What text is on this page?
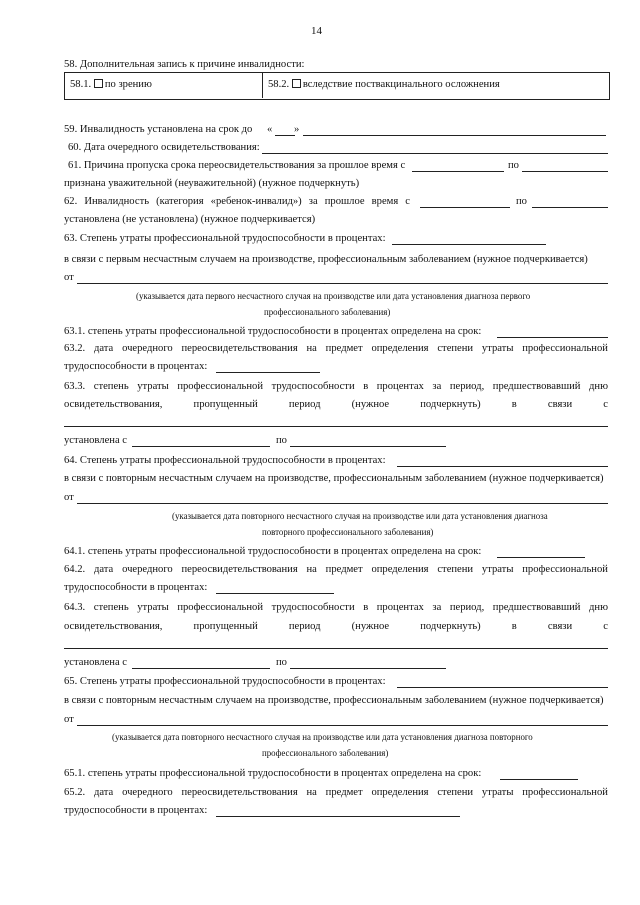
14
58. Дополнительная запись к причине инвалидности:
58.1. по зрению	58.2. вследствие поствакцинального осложнения
59. Инвалидность установлена на срок до « »
60. Дата очередного освидетельствования:
61. Причина пропуска срока переосвидетельствования за прошлое время с	по
признана уважительной (неуважительной) (нужное подчеркнуть)
62. Инвалидность (категория «ребенок-инвалид») за прошлое время с	по
установлена (не установлена) (нужное подчеркивается)
63. Степень утраты профессиональной трудоспособности в процентах:
в связи с первым несчастным случаем на производстве, профессиональным заболеванием (нужное подчеркивается)
от
(указывается дата первого несчастного случая на производстве или дата установления диагноза первого
профессионального заболевания)
63.1. степень утраты профессиональной трудоспособности в процентах определена на срок:
63.2. дата очередного переосвидетельствования на предмет определения степени утраты профессиональной
трудоспособности в процентах:
63.3. степень утраты профессиональной трудоспособности в процентах за период, предшествовавший дню
освидетельствования,	пропущенный	период	(нужное	подчеркнуть)	в	связи	с
установлена с	по
64. Степень утраты профессиональной трудоспособности в процентах:
в связи с повторным несчастным случаем на производстве, профессиональным заболеванием (нужное подчеркивается)
от
(указывается дата повторного несчастного случая на производстве или дата установления диагноза
повторного профессионального заболевания)
64.1. степень утраты профессиональной трудоспособности в процентах определена на срок:
64.2. дата очередного переосвидетельствования на предмет определения степени утраты профессиональной
трудоспособности в процентах:
64.3. степень утраты профессиональной трудоспособности в процентах за период, предшествовавший дню
освидетельствования,	пропущенный	период	(нужное	подчеркнуть)	в	связи	с
установлена с	по
65. Степень утраты профессиональной трудоспособности в процентах:
в связи с повторным несчастным случаем на производстве, профессиональным заболеванием (нужное подчеркивается)
от
(указывается дата повторного несчастного случая на производстве или дата установления диагноза повторного
профессионального заболевания)
65.1. степень утраты профессиональной трудоспособности в процентах определена на срок:
65.2. дата очередного переосвидетельствования на предмет определения степени утраты профессиональной
трудоспособности в процентах:
